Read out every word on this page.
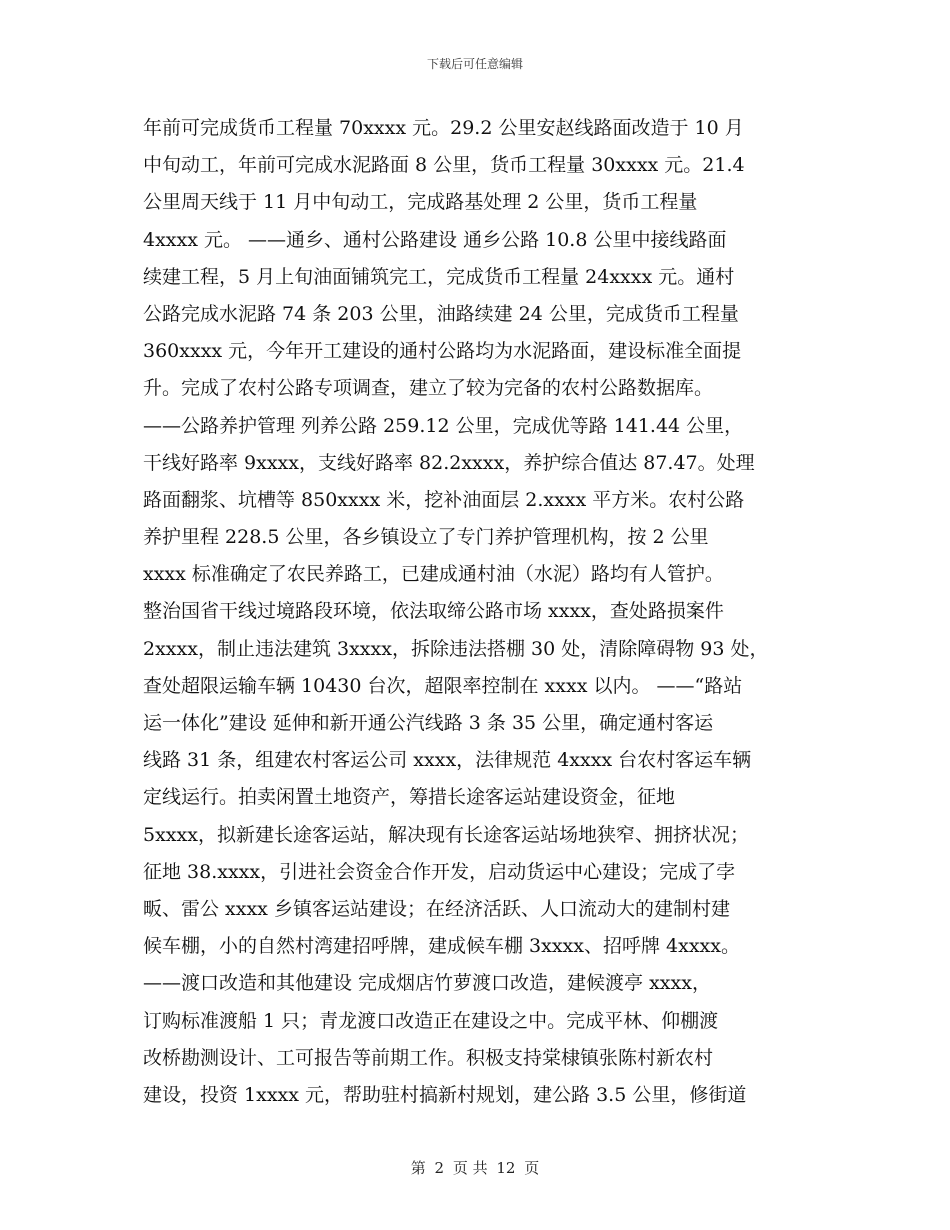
下载后可任意编辑
年前可完成货币工程量 70xxxx 元。29.2 公里安赵线路面改造于 10 月
中旬动工，年前可完成水泥路面 8 公里，货币工程量 30xxxx 元。21.4
公里周天线于 11 月中旬动工，完成路基处理 2 公里，货币工程量
4xxxx 元。 ——通乡、通村公路建设 通乡公路 10.8 公里中接线路面
续建工程，5 月上旬油面铺筑完工，完成货币工程量 24xxxx 元。通村
公路完成水泥路 74 条 203 公里，油路续建 24 公里，完成货币工程量
360xxxx 元，今年开工建设的通村公路均为水泥路面，建设标准全面提
升。完成了农村公路专项调查，建立了较为完备的农村公路数据库。
——公路养护管理 列养公路 259.12 公里，完成优等路 141.44 公里，
干线好路率 9xxxx，支线好路率 82.2xxxx，养护综合值达 87.47。处理
路面翻浆、坑槽等 850xxxx 米，挖补油面层 2.xxxx 平方米。农村公路
养护里程 228.5 公里，各乡镇设立了专门养护管理机构，按 2 公里
xxxx 标准确定了农民养路工，已建成通村油（水泥）路均有人管护。
整治国省干线过境路段环境，依法取缔公路市场 xxxx，查处路损案件
2xxxx，制止违法建筑 3xxxx，拆除违法搭棚 30 处，清除障碍物 93 处，
查处超限运输车辆 10430 台次，超限率控制在 xxxx 以内。 ——“路站
运一体化”建设 延伸和新开通公汽线路 3 条 35 公里，确定通村客运
线路 31 条，组建农村客运公司 xxxx，法律规范 4xxxx 台农村客运车辆
定线运行。拍卖闲置土地资产，筹措长途客运站建设资金，征地
5xxxx，拟新建长途客运站，解决现有长途客运站场地狭窄、拥挤状况；
征地 38.xxxx，引进社会资金合作开发，启动货运中心建设；完成了孛
畈、雷公 xxxx 乡镇客运站建设；在经济活跃、人口流动大的建制村建
候车棚，小的自然村湾建招呼牌，建成候车棚 3xxxx、招呼牌 4xxxx。
——渡口改造和其他建设 完成烟店竹萝渡口改造，建候渡亭 xxxx，
订购标准渡船 1 只；青龙渡口改造正在建设之中。完成平林、仰棚渡
改桥勘测设计、工可报告等前期工作。积极支持棠棣镇张陈村新农村
建设，投资 1xxxx 元，帮助驻村搞新村规划，建公路 3.5 公里，修街道
第 2 页 共 12 页
